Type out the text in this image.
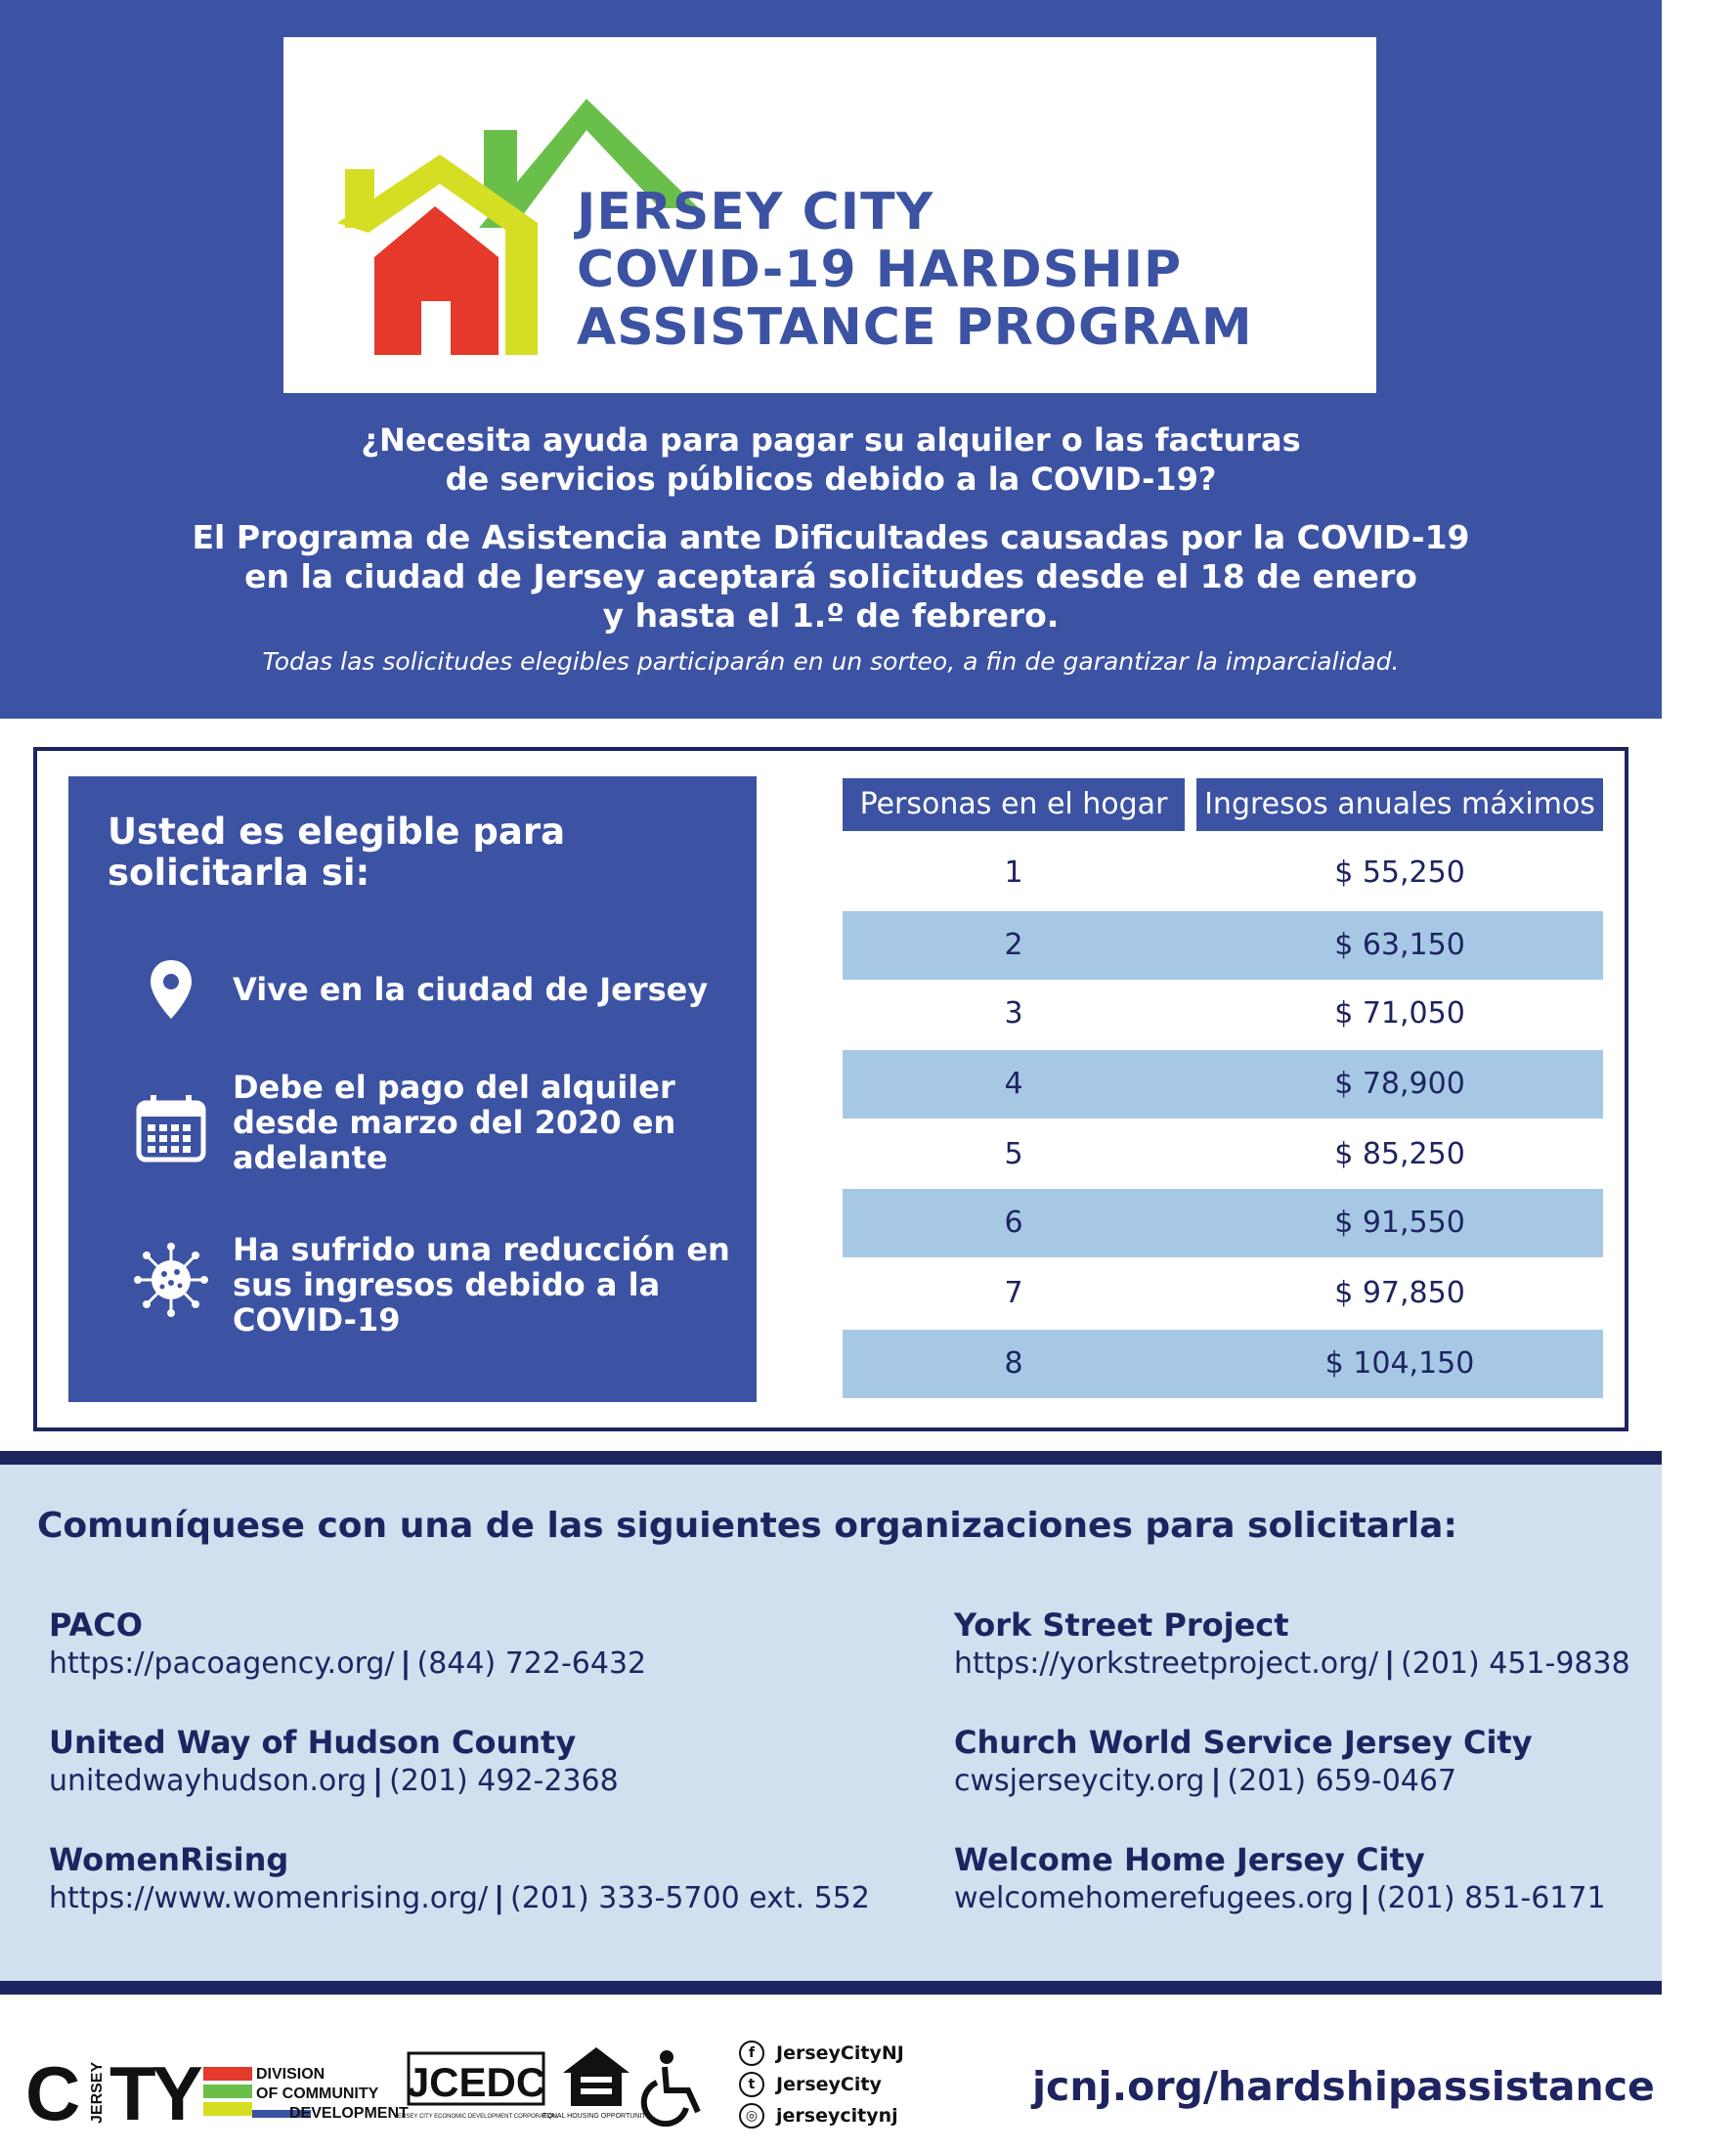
JERSEY CITY
COVID-19 HARDSHIP
ASSISTANCE PROGRAM
¿Necesita ayuda para pagar su alquiler o las facturas
de servicios públicos debido a la COVID-19?
El Programa de Asistencia ante Dificultades causadas por la COVID-19
en la ciudad de Jersey aceptará solicitudes desde el 18 de enero
y hasta el 1.º de febrero.
Todas las solicitudes elegibles participarán en un sorteo, a fin de garantizar la imparcialidad.
Usted es elegible para solicitarla si:
Vive en la ciudad de Jersey
Debe el pago del alquiler desde marzo del 2020 en adelante
Ha sufrido una reducción en sus ingresos debido a la COVID-19
Personas en el hogar	Ingresos anuales máximos
1	$ 55,250
2	$ 63,150
3	$ 71,050
4	$ 78,900
5	$ 85,250
6	$ 91,550
7	$ 97,850
8	$ 104,150
Comuníquese con una de las siguientes organizaciones para solicitarla:
PACO
https://pacoagency.org/ | (844) 722-6432
York Street Project
https://yorkstreetproject.org/ | (201) 451-9838
United Way of Hudson County
unitedwayhudson.org | (201) 492-2368
Church World Service Jersey City
cwsjerseycity.org | (201) 659-0467
WomenRising
https://www.womenrising.org/ | (201) 333-5700 ext. 552
Welcome Home Jersey City
welcomehomerefugees.org | (201) 851-6171
C JERSEY TY	DIVISION
OF COMMUNITY
DEVELOPMENT
JCEDC
JERSEY CITY ECONOMIC DEVELOPMENT CORPORATION
EQUAL HOUSING OPPORTUNITY
f	JerseyCityNJ
t	JerseyCity
◎ jerseycitynj
jcnj.org/hardshipassistance
